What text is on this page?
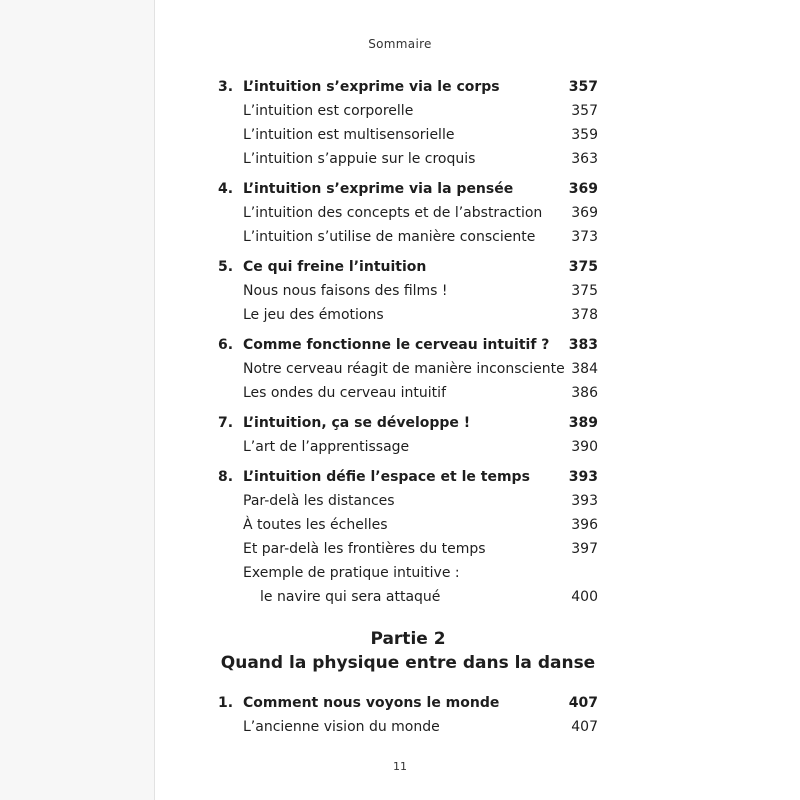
Sommaire
3. L’intuition s’exprime via le corps	357
L’intuition est corporelle	357
L’intuition est multisensorielle	359
L’intuition s’appuie sur le croquis	363
4. L’intuition s’exprime via la pensée	369
L’intuition des concepts et de l’abstraction 369
L’intuition s’utilise de manière consciente	373
5. Ce qui freine l’intuition	375
Nous nous faisons des films !	375
Le jeu des émotions	378
6. Comme fonctionne le cerveau intuitif ? 383
Notre cerveau réagit de manière inconsciente 384
Les ondes du cerveau intuitif	386
7. L’intuition, ça se développe !	389
L’art de l’apprentissage	390
8. L’intuition défie l’espace et le temps	393
Par-delà les distances	393
À toutes les échelles	396
Et par-delà les frontières du temps	397
Exemple de pratique intuitive :
le navire qui sera attaqué	400
Partie 2
Quand la physique entre dans la danse
1. Comment nous voyons le monde	407
L’ancienne vision du monde	407
11
